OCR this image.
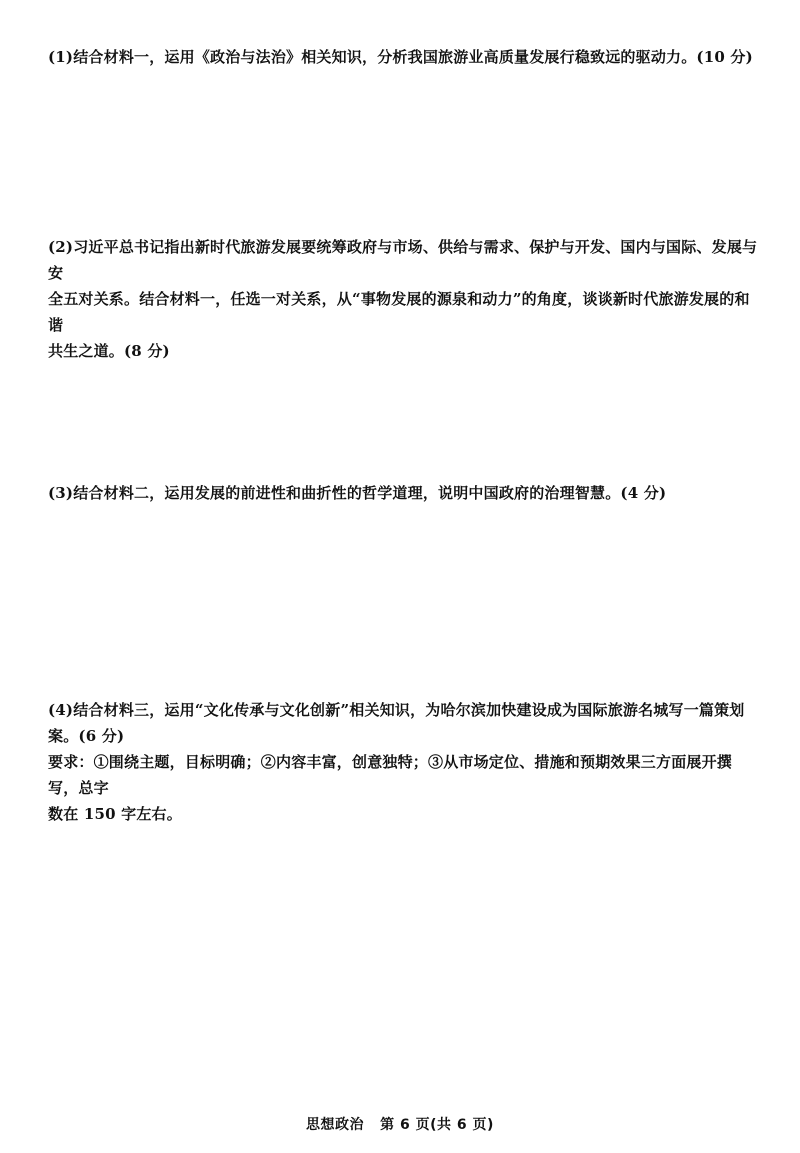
(1)结合材料一，运用《政治与法治》相关知识，分析我国旅游业高质量发展行稳致远的驱动力。(10 分)

(2)习近平总书记指出新时代旅游发展要统筹政府与市场、供给与需求、保护与开发、国内与国际、发展与安

全五对关系。结合材料一，任选一对关系，从“事物发展的源泉和动力”的角度，谈谈新时代旅游发展的和谐

共生之道。(8 分)

(3)结合材料二，运用发展的前进性和曲折性的哲学道理，说明中国政府的治理智慧。(4 分)

(4)结合材料三，运用“文化传承与文化创新”相关知识，为哈尔滨加快建设成为国际旅游名城写一篇策划

案。(6 分)

要求：①围绕主题，目标明确；②内容丰富，创意独特；③从市场定位、措施和预期效果三方面展开撰写，总字

数在 150 字左右。

思想政治 第 6 页(共 6 页)
